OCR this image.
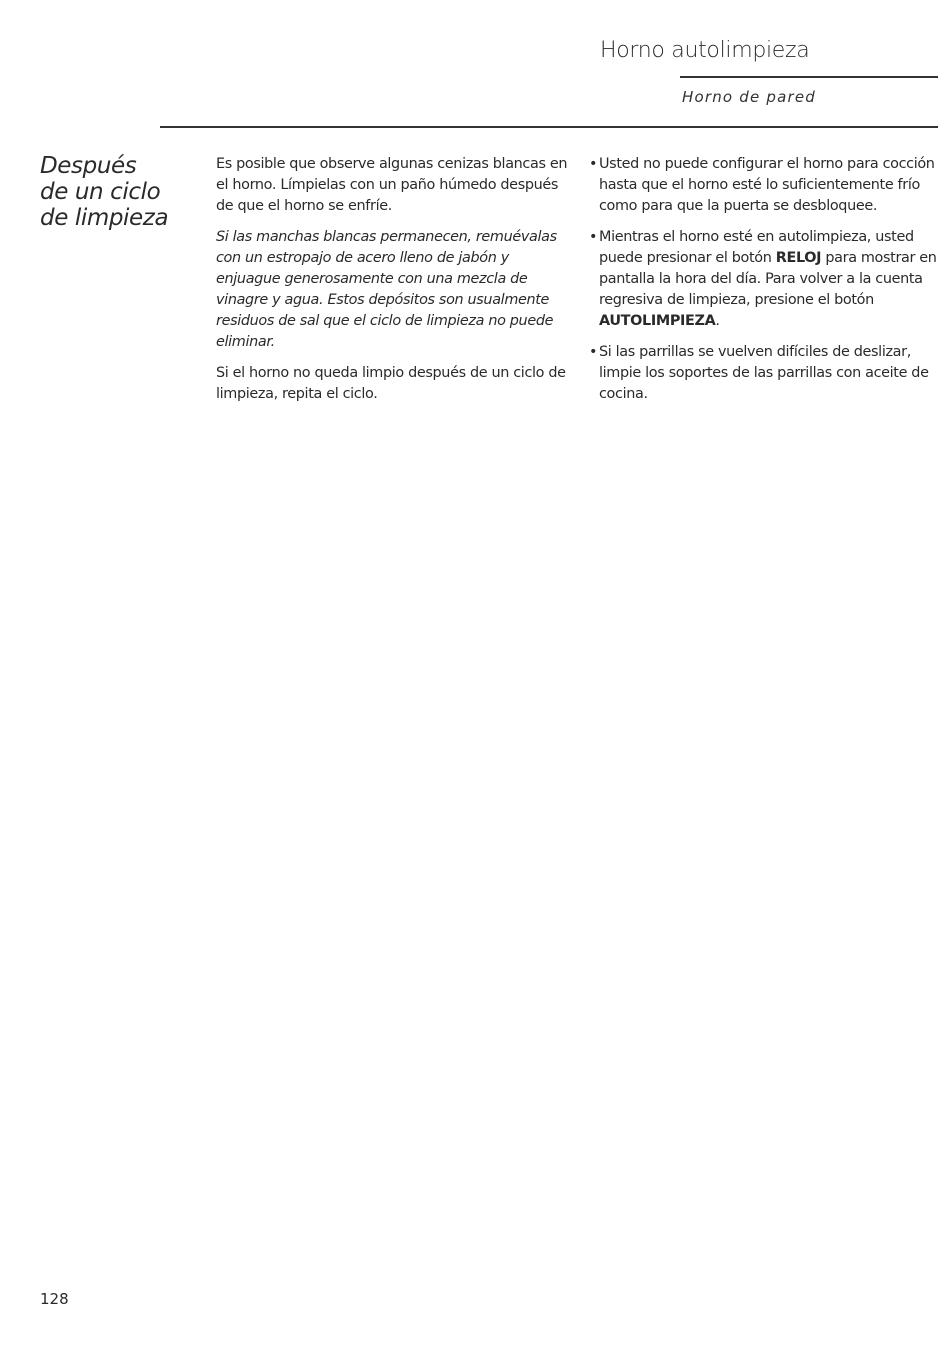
Horno autolimpieza
Horno de pared
Después de un ciclo de limpieza

Es posible que observe algunas cenizas blancas en el horno. Límpielas con un paño húmedo después de que el horno se enfríe.

Si las manchas blancas permanecen, remuévalas con un estropajo de acero lleno de jabón y enjuague generosamente con una mezcla de vinagre y agua. Estos depósitos son usualmente residuos de sal que el ciclo de limpieza no puede eliminar.

Si el horno no queda limpio después de un ciclo de limpieza, repita el ciclo.

• Usted no puede configurar el horno para cocción hasta que el horno esté lo suficientemente frío como para que la puerta se desbloquee.
• Mientras el horno esté en autolimpieza, usted puede presionar el botón RELOJ para mostrar en pantalla la hora del día. Para volver a la cuenta regresiva de limpieza, presione el botón AUTOLIMPIEZA.
• Si las parrillas se vuelven difíciles de deslizar, limpie los soportes de las parrillas con aceite de cocina.
128
